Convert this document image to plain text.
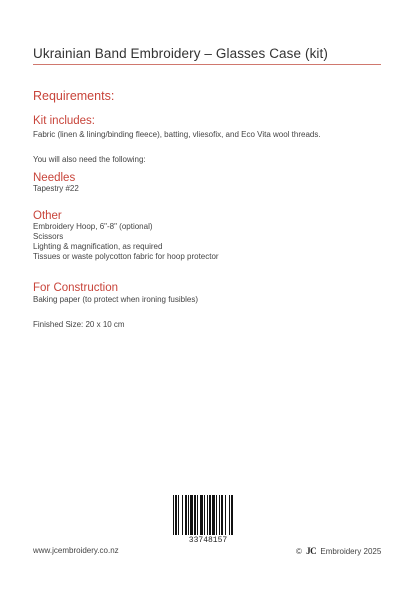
Ukrainian Band Embroidery – Glasses Case (kit)
Requirements:
Kit includes:
Fabric (linen & lining/binding fleece), batting, vliesofix, and Eco Vita wool threads.
You will also need the following:
Needles
Tapestry #22
Other
Embroidery Hoop, 6"-8" (optional)
Scissors
Lighting & magnification, as required
Tissues or waste polycotton fabric for hoop protector
For Construction
Baking paper (to protect when ironing fusibles)
Finished Size: 20 x 10 cm
33748157
www.jcembroidery.co.nz	© JC Embroidery 2025
